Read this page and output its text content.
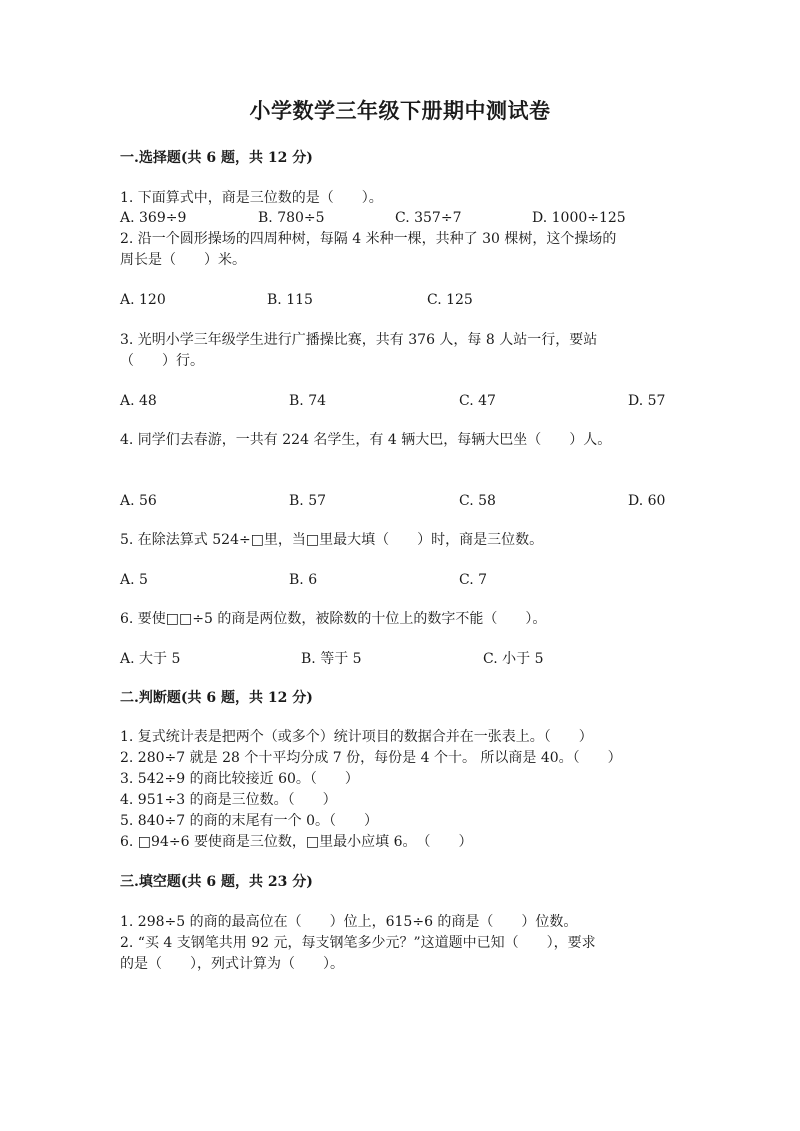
小学数学三年级下册期中测试卷
一.选择题(共 6 题，共 12 分)
1. 下面算式中，商是三位数的是（　　）。
A. 369÷9	B. 780÷5	C. 357÷7	D. 1000÷125
2. 沿一个圆形操场的四周种树，每隔 4 米种一棵，共种了 30 棵树，这个操场的
周长是（　　）米。
A. 120	B. 115	C. 125
3. 光明小学三年级学生进行广播操比赛，共有 376 人，每 8 人站一行，要站
（　　）行。
A. 48	B. 74	C. 47	D. 57
4. 同学们去春游，一共有 224 名学生，有 4 辆大巴，每辆大巴坐（　　）人。
A. 56	B. 57	C. 58	D. 60
5. 在除法算式 524÷□里，当□里最大填（　　）时，商是三位数。
A. 5	B. 6	C. 7
6. 要使□□÷5 的商是两位数，被除数的十位上的数字不能（　　）。
A. 大于 5	B. 等于 5	C. 小于 5
二.判断题(共 6 题，共 12 分)
1. 复式统计表是把两个（或多个）统计项目的数据合并在一张表上。（　　）
2. 280÷7 就是 28 个十平均分成 7 份，每份是 4 个十。 所以商是 40。（　　）
3. 542÷9 的商比较接近 60。（　　）
4. 951÷3 的商是三位数。（　　）
5. 840÷7 的商的末尾有一个 0。（　　）
6. □94÷6 要使商是三位数，□里最小应填 6。　（　　）
三.填空题(共 6 题，共 23 分)
1. 298÷5 的商的最高位在（　　）位上，615÷6 的商是（　　）位数。
2. “买 4 支钢笔共用 92 元，每支钢笔多少元？”这道题中已知（　　），要求
的是（　　），列式计算为（　　）。
